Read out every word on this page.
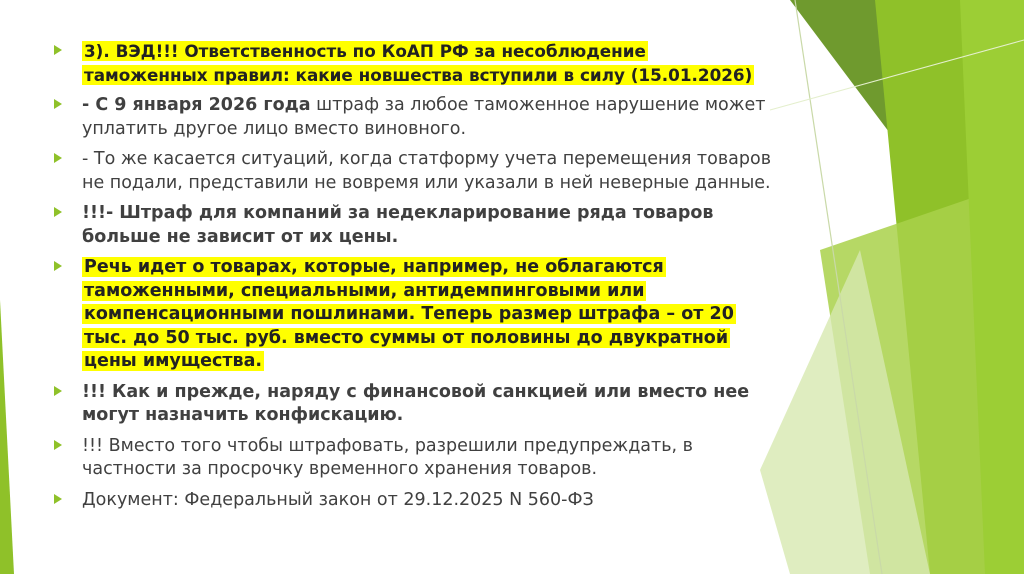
3). ВЭД!!! Ответственность по КоАП РФ за несоблюдение таможенных правил: какие новшества вступили в силу (15.01.2026)
- С 9 января 2026 года штраф за любое таможенное нарушение может уплатить другое лицо вместо виновного.
- То же касается ситуаций, когда статформу учета перемещения товаров не подали, представили не вовремя или указали в ней неверные данные.
!!!- Штраф для компаний за недекларирование ряда товаров больше не зависит от их цены.
Речь идет о товарах, которые, например, не облагаются таможенными, специальными, антидемпинговыми или компенсационными пошлинами. Теперь размер штрафа – от 20 тыс. до 50 тыс. руб. вместо суммы от половины до двукратной цены имущества.
!!! Как и прежде, наряду с финансовой санкцией или вместо нее могут назначить конфискацию.
!!! Вместо того чтобы штрафовать, разрешили предупреждать, в частности за просрочку временного хранения товаров.
Документ: Федеральный закон от 29.12.2025 N 560-ФЗ
